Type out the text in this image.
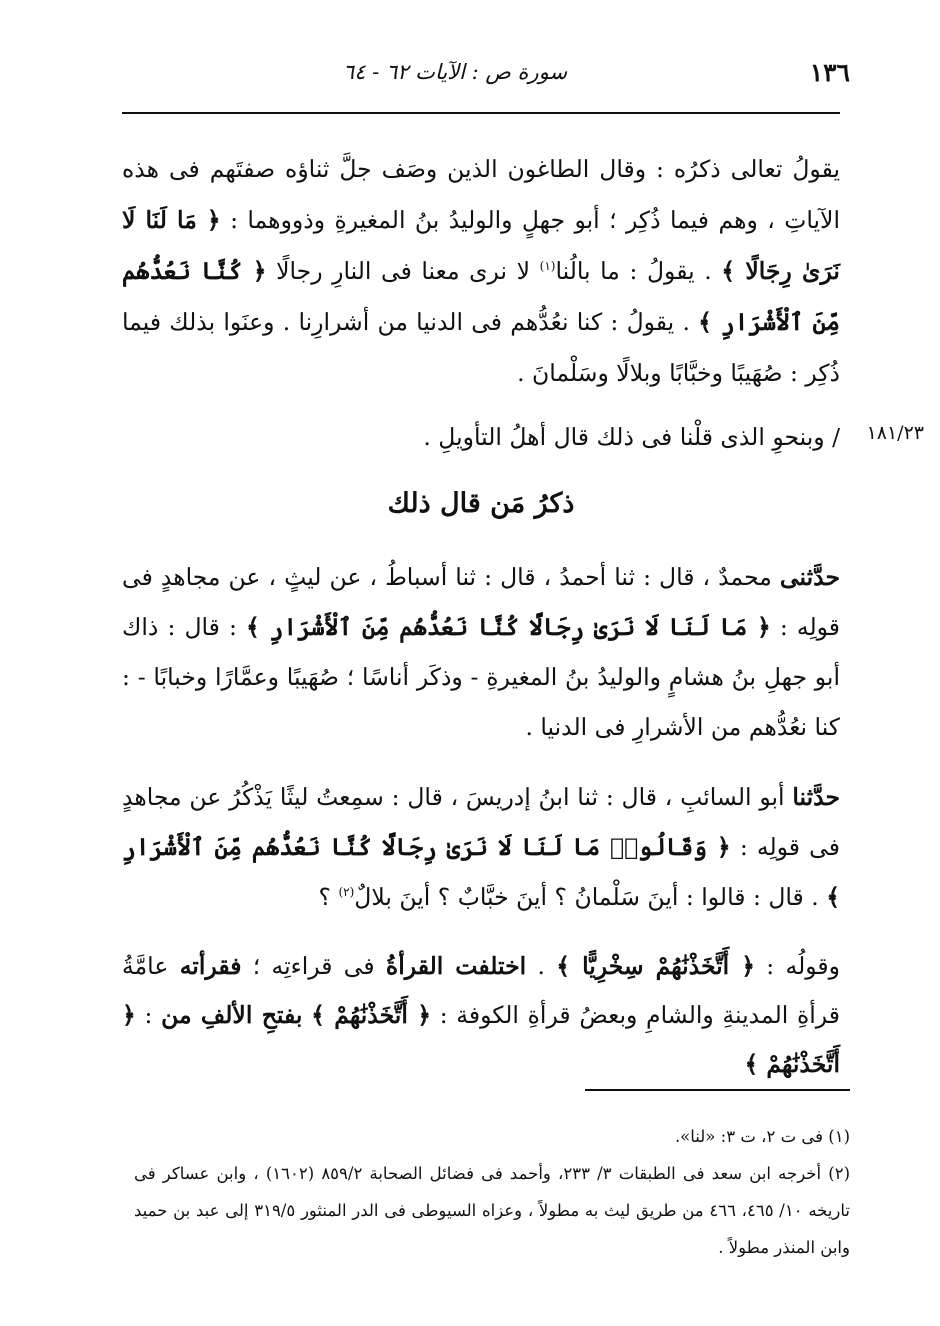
١٣٦
سورة ص : الآيات ٦٢ - ٦٤
يقولُ تعالى ذكرُه : وقال الطاغون الذين وصَف جلَّ ثناؤه صفتَهم فى هذه الآياتِ ، وهم فيما ذُكِر ؛ أبو جهلٍ والوليدُ بنُ المغيرةِ وذووهما : ﴿ مَا لَنَا لَا نَرَىٰ رِجَالًا ﴾ . يقولُ : ما بالُنا$^{(١)}$ لا نرى معنا فى النارِ رجالًا ﴿ كُنَّا نَعُدُّهُم مِّنَ ٱلْأَشْرَارِ ﴾ . يقولُ : كنا نعُدُّهم فى الدنيا من أشرارِنا . وعنَوا بذلك فيما ذُكِر : صُهَيبًا وخبَّابًا وبلالًا وسَلْمانَ .
١٨١/٢٣
/ وبنحوِ الذى قلْنا فى ذلك قال أهلُ التأويلِ .
ذكرُ مَن قال ذلك
حدَّثنى محمدٌ ، قال : ثنا أحمدُ ، قال : ثنا أسباطُ ، عن ليثٍ ، عن مجاهدٍ فى قولِه : ﴿ مَا لَنَا لَا نَرَىٰ رِجَالًا كُنَّا نَعُدُّهُم مِّنَ ٱلْأَشْرَارِ ﴾ : قال : ذاك أبو جهلِ بنُ هشامٍ والوليدُ بنُ المغيرةِ - وذكَر أناسًا ؛ صُهَيبًا وعمَّارًا وخبابًا - : كنا نعُدُّهم من الأشرارِ فى الدنيا .
حدَّثنا أبو السائبِ ، قال : ثنا ابنُ إدريسَ ، قال : سمِعتُ ليثًا يَذْكُرُ عن مجاهدٍ فى قولِه : ﴿ وَقَالُوا۟ مَا لَنَا لَا نَرَىٰ رِجَالًا كُنَّا نَعُدُّهُم مِّنَ ٱلْأَشْرَارِ ﴾ . قال : قالوا : أينَ سَلْمانُ ؟ أينَ خبَّابٌ ؟ أينَ بلالٌ$^{(٢)}$ ؟
وقولُه : ﴿ أَتَّخَذْنَٰهُمْ سِخْرِيًّا ﴾ . اختلفت القرأةُ فى قراءتِه ؛ فقرأته عامَّةُ قرأةِ المدينةِ والشامِ وبعضُ قرأةِ الكوفة : ﴿ أَتَّخَذْنَٰهُمْ ﴾ بفتحِ الألفِ من : ﴿ أَتَّخَذْنَٰهُمْ ﴾

(١) فى ت ٢، ت ٣: «لنا».

(٢) أخرجه ابن سعد فى الطبقات ٣/ ٢٣٣، وأحمد فى فضائل الصحابة ٨٥٩/٢ (١٦٠٢) ، وابن عساكر فى تاريخه ١٠/ ٤٦٥، ٤٦٦ من طريق ليث به مطولاً ، وعزاه السيوطى فى الدر المنثور ٣١٩/٥ إلى عبد بن حميد وابن المنذر مطولاً .
